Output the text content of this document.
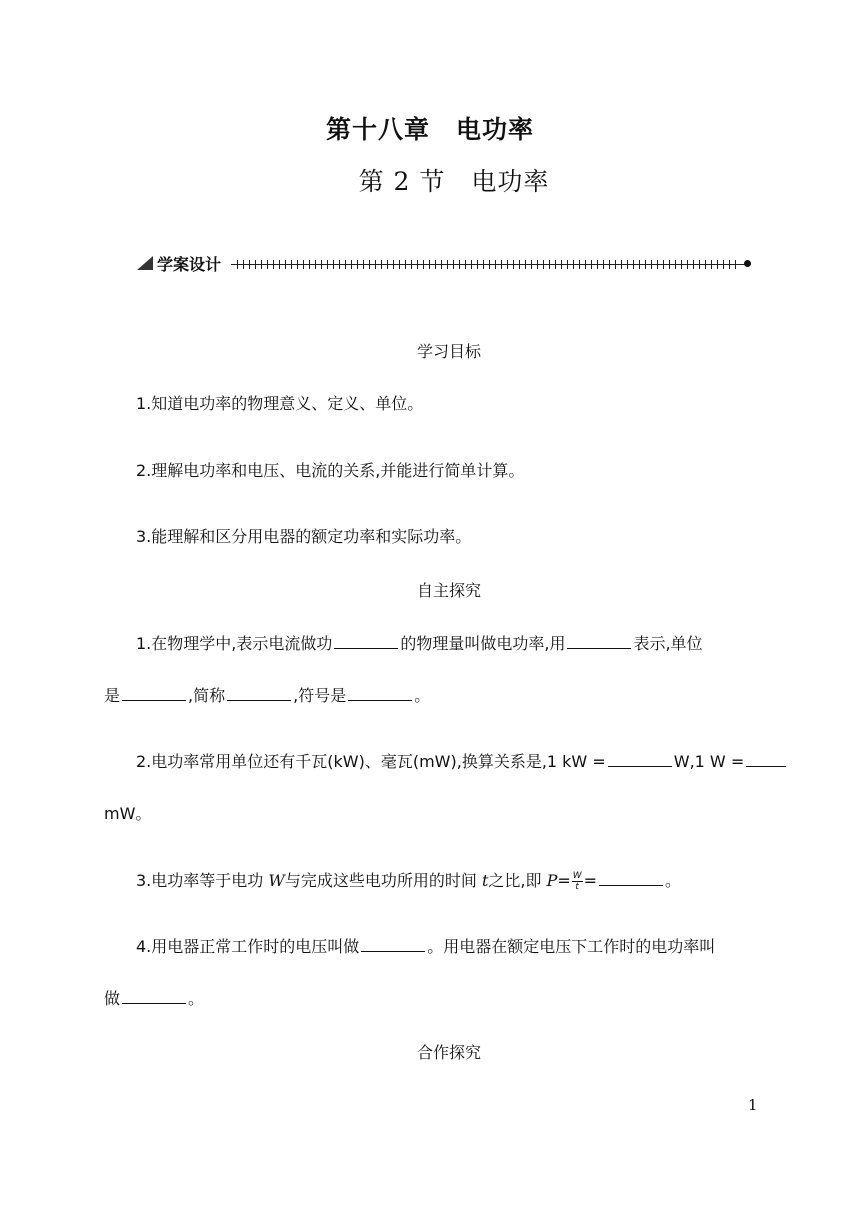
第十八章　电功率
第 2 节　电功率
学案设计
学习目标
1.知道电功率的物理意义、定义、单位。
2.理解电功率和电压、电流的关系,并能进行简单计算。
3.能理解和区分用电器的额定功率和实际功率。
自主探究
1.在物理学中,表示电流做功	的物理量叫做电功率,用	表示,单位
是	,简称	,符号是	。
2.电功率常用单位还有千瓦(kW)、毫瓦(mW),换算关系是,1 kW =	W,1 W =
mW。
3.电功率等于电功 W与完成这些电功所用的时间 t之比,即 $P= \frac{W}{t}$ =	。
4.用电器正常工作时的电压叫做	。用电器在额定电压下工作时的电功率叫
做	。
合作探究
1
